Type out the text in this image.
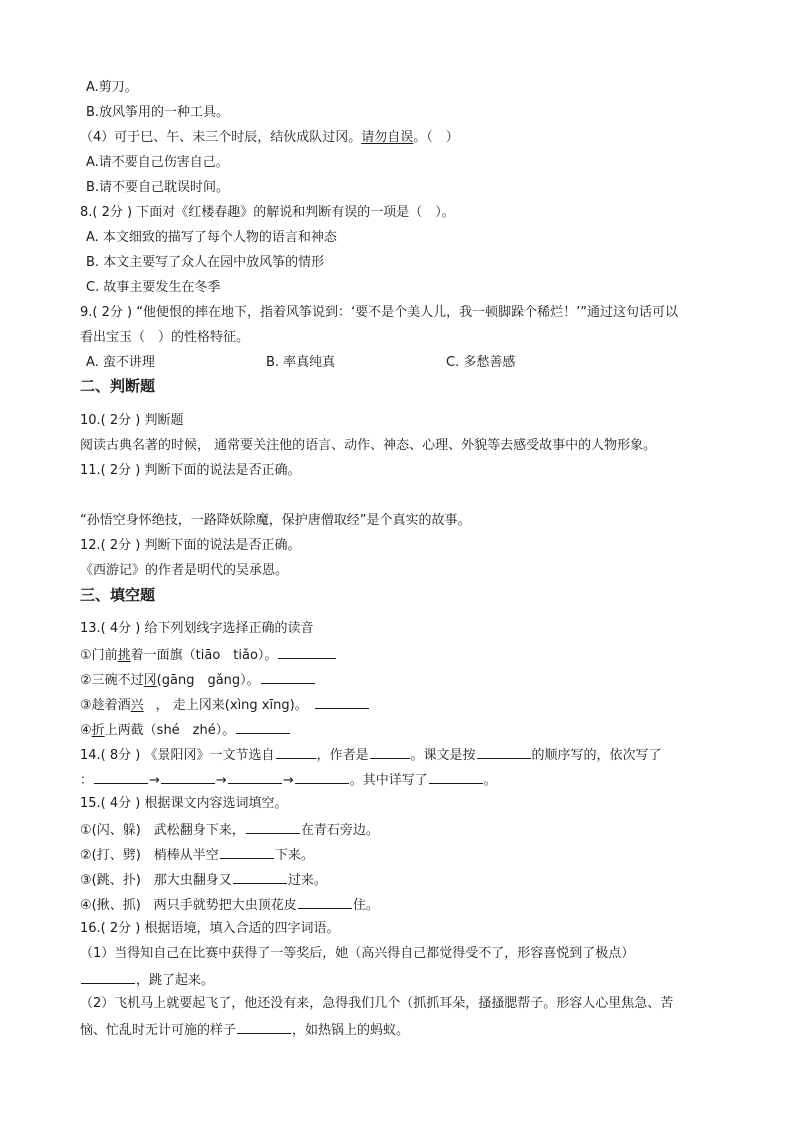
A.剪刀。
B.放风筝用的一种工具。
（4）可于巳、午、未三个时辰，结伙成队过冈。请勿自误。（　）
A.请不要自己伤害自己。
B.请不要自己耽误时间。
8.( 2分 ) 下面对《红楼春趣》的解说和判断有误的一项是（　）。
A. 本文细致的描写了每个人物的语言和神态
B. 本文主要写了众人在园中放风筝的情形
C. 故事主要发生在冬季
9.( 2分 ) “他便恨的摔在地下，指着风筝说到：‘要不是个美人儿，我一顿脚跺个稀烂！’”通过这句话可以
看出宝玉（　）的性格特征。
A. 蛮不讲理	B. 率真纯真	C. 多愁善感
二、判断题
10.( 2分 ) 判断题
阅读古典名著的时候， 通常要关注他的语言、动作、神态、心理、外貌等去感受故事中的人物形象。
11.( 2分 ) 判断下面的说法是否正确。
“孙悟空身怀绝技，一路降妖除魔，保护唐僧取经”是个真实的故事。
12.( 2分 ) 判断下面的说法是否正确。
《西游记》的作者是明代的吴承恩。
三、填空题
13.( 4分 ) 给下列划线字选择正确的读音
①门前挑着一面旗（tiāo　tiǎo）。
②三碗不过冈(gāng　gǎng）。
③趁着酒兴 ， 走上冈来(xìng xīng)。
④折上两截（shé　zhé）。
14.( 8分 ) 《景阳冈》一文节选自	，作者是	。课文是按	的顺序写的，依次写了
：	→	→	→	。其中详写了	。
15.( 4分 ) 根据课文内容选词填空。
①(闪、躲)　武松翻身下来，	在青石旁边。
②(打、劈)　梢棒从半空	下来。
③(跳、扑)　那大虫翻身又	过来。
④(揪、抓)　两只手就势把大虫顶花皮	住。
16.( 2分 ) 根据语境，填入合适的四字词语。
（1）当得知自己在比赛中获得了一等奖后，她（高兴得自己都觉得受不了，形容喜悦到了极点）
，跳了起来。
（2）飞机马上就要起飞了，他还没有来，急得我们几个（抓抓耳朵，搔搔腮帮子。形容人心里焦急、苦
恼、忙乱时无计可施的样子	，如热锅上的蚂蚁。
